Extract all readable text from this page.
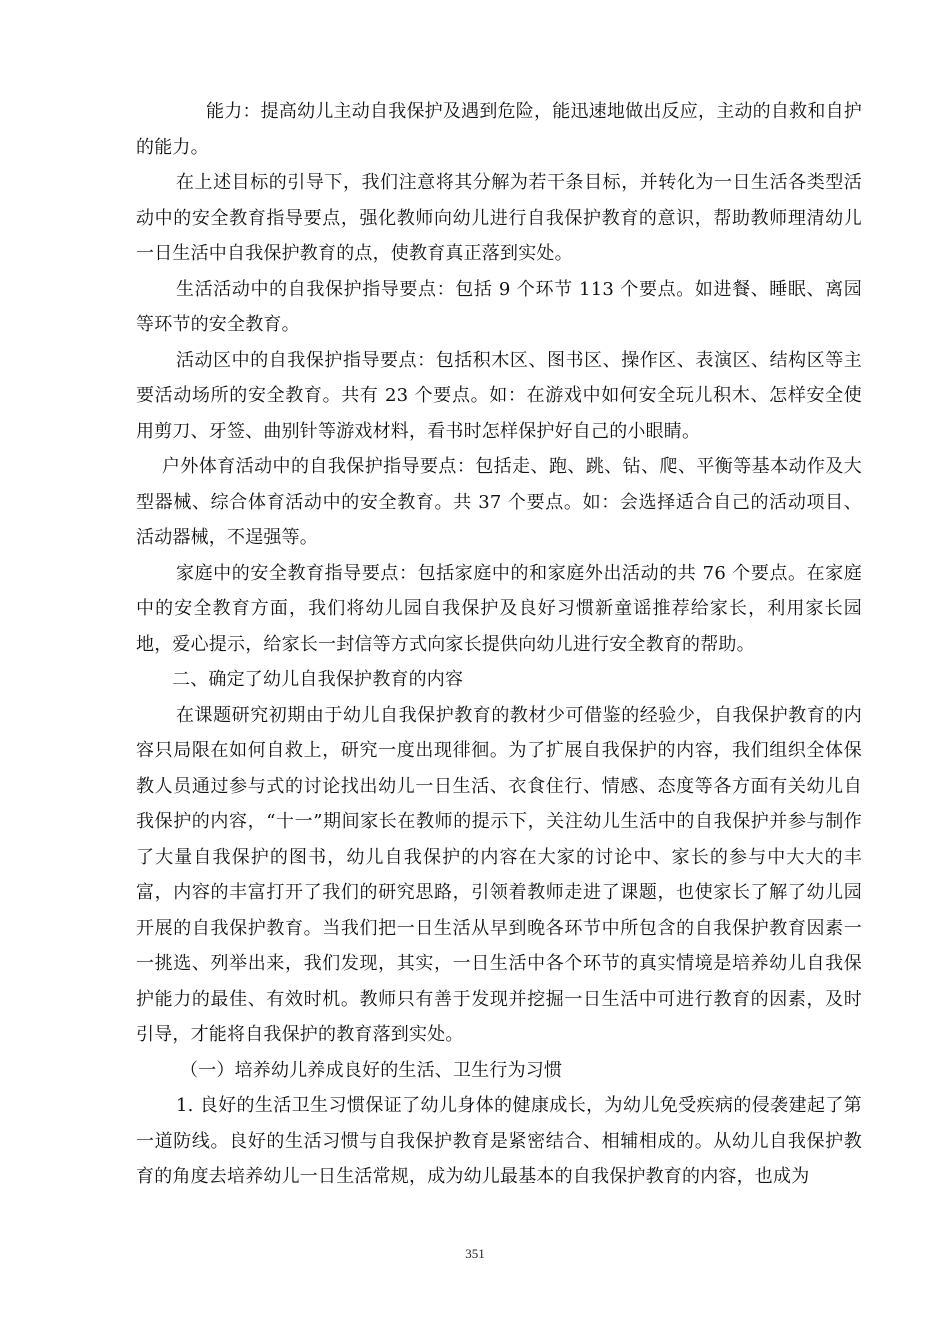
能力：提高幼儿主动自我保护及遇到危险，能迅速地做出反应，主动的自救和自护的能力。

在上述目标的引导下，我们注意将其分解为若干条目标，并转化为一日生活各类型活动中的安全教育指导要点，强化教师向幼儿进行自我保护教育的意识，帮助教师理清幼儿一日生活中自我保护教育的点，使教育真正落到实处。

生活活动中的自我保护指导要点：包括 9 个环节 113 个要点。如进餐、睡眠、离园等环节的安全教育。

活动区中的自我保护指导要点：包括积木区、图书区、操作区、表演区、结构区等主要活动场所的安全教育。共有 23 个要点。如：在游戏中如何安全玩儿积木、怎样安全使用剪刀、牙签、曲别针等游戏材料，看书时怎样保护好自己的小眼睛。

户外体育活动中的自我保护指导要点：包括走、跑、跳、钻、爬、平衡等基本动作及大型器械、综合体育活动中的安全教育。共 37 个要点。如：会选择适合自己的活动项目、活动器械，不逞强等。

家庭中的安全教育指导要点：包括家庭中的和家庭外出活动的共 76 个要点。在家庭中的安全教育方面，我们将幼儿园自我保护及良好习惯新童谣推荐给家长，利用家长园地，爱心提示，给家长一封信等方式向家长提供向幼儿进行安全教育的帮助。

二、确定了幼儿自我保护教育的内容

在课题研究初期由于幼儿自我保护教育的教材少可借鉴的经验少，自我保护教育的内容只局限在如何自救上，研究一度出现徘徊。为了扩展自我保护的内容，我们组织全体保教人员通过参与式的讨论找出幼儿一日生活、衣食住行、情感、态度等各方面有关幼儿自我保护的内容，“十一”期间家长在教师的提示下，关注幼儿生活中的自我保护并参与制作了大量自我保护的图书，幼儿自我保护的内容在大家的讨论中、家长的参与中大大的丰富，内容的丰富打开了我们的研究思路，引领着教师走进了课题，也使家长了解了幼儿园开展的自我保护教育。当我们把一日生活从早到晚各环节中所包含的自我保护教育因素一一挑选、列举出来，我们发现，其实，一日生活中各个环节的真实情境是培养幼儿自我保护能力的最佳、有效时机。教师只有善于发现并挖掘一日生活中可进行教育的因素，及时引导，才能将自我保护的教育落到实处。

（一）培养幼儿养成良好的生活、卫生行为习惯

1. 良好的生活卫生习惯保证了幼儿身体的健康成长，为幼儿免受疾病的侵袭建起了第一道防线。良好的生活习惯与自我保护教育是紧密结合、相辅相成的。从幼儿自我保护教育的角度去培养幼儿一日生活常规，成为幼儿最基本的自我保护教育的内容，也成为

351
